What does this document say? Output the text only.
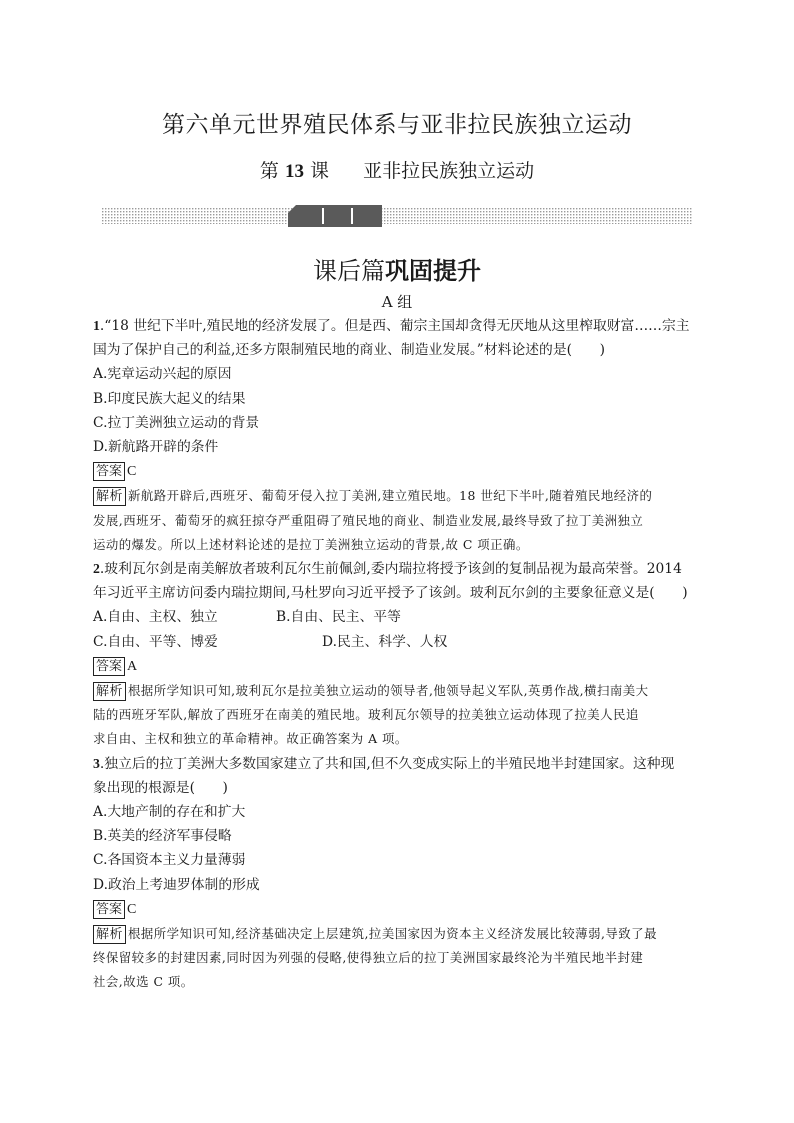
第六单元世界殖民体系与亚非拉民族独立运动
第 13 课 亚非拉民族独立运动
课后篇巩固提升
A 组
1.“18 世纪下半叶,殖民地的经济发展了。但是西、葡宗主国却贪得无厌地从这里榨取财富……宗主
国为了保护自己的利益,还多方限制殖民地的商业、制造业发展。”材料论述的是(　　)
A.宪章运动兴起的原因
B.印度民族大起义的结果
C.拉丁美洲独立运动的背景
D.新航路开辟的条件
答案 C
解析 新航路开辟后,西班牙、葡萄牙侵入拉丁美洲,建立殖民地。18 世纪下半叶,随着殖民地经济的
发展,西班牙、葡萄牙的疯狂掠夺严重阻碍了殖民地的商业、制造业发展,最终导致了拉丁美洲独立
运动的爆发。所以上述材料论述的是拉丁美洲独立运动的背景,故 C 项正确。
2.玻利瓦尔剑是南美解放者玻利瓦尔生前佩剑,委内瑞拉将授予该剑的复制品视为最高荣誉。2014
年习近平主席访问委内瑞拉期间,马杜罗向习近平授予了该剑。玻利瓦尔剑的主要象征意义是(　　)
A.自由、主权、独立	B.自由、民主、平等
C.自由、平等、博爱	D.民主、科学、人权
答案 A
解析 根据所学知识可知,玻利瓦尔是拉美独立运动的领导者,他领导起义军队,英勇作战,横扫南美大
陆的西班牙军队,解放了西班牙在南美的殖民地。玻利瓦尔领导的拉美独立运动体现了拉美人民追
求自由、主权和独立的革命精神。故正确答案为 A 项。
3.独立后的拉丁美洲大多数国家建立了共和国,但不久变成实际上的半殖民地半封建国家。这种现
象出现的根源是(　　)
A.大地产制的存在和扩大
B.英美的经济军事侵略
C.各国资本主义力量薄弱
D.政治上考迪罗体制的形成
答案 C
解析 根据所学知识可知,经济基础决定上层建筑,拉美国家因为资本主义经济发展比较薄弱,导致了最
终保留较多的封建因素,同时因为列强的侵略,使得独立后的拉丁美洲国家最终沦为半殖民地半封建
社会,故选 C 项。
